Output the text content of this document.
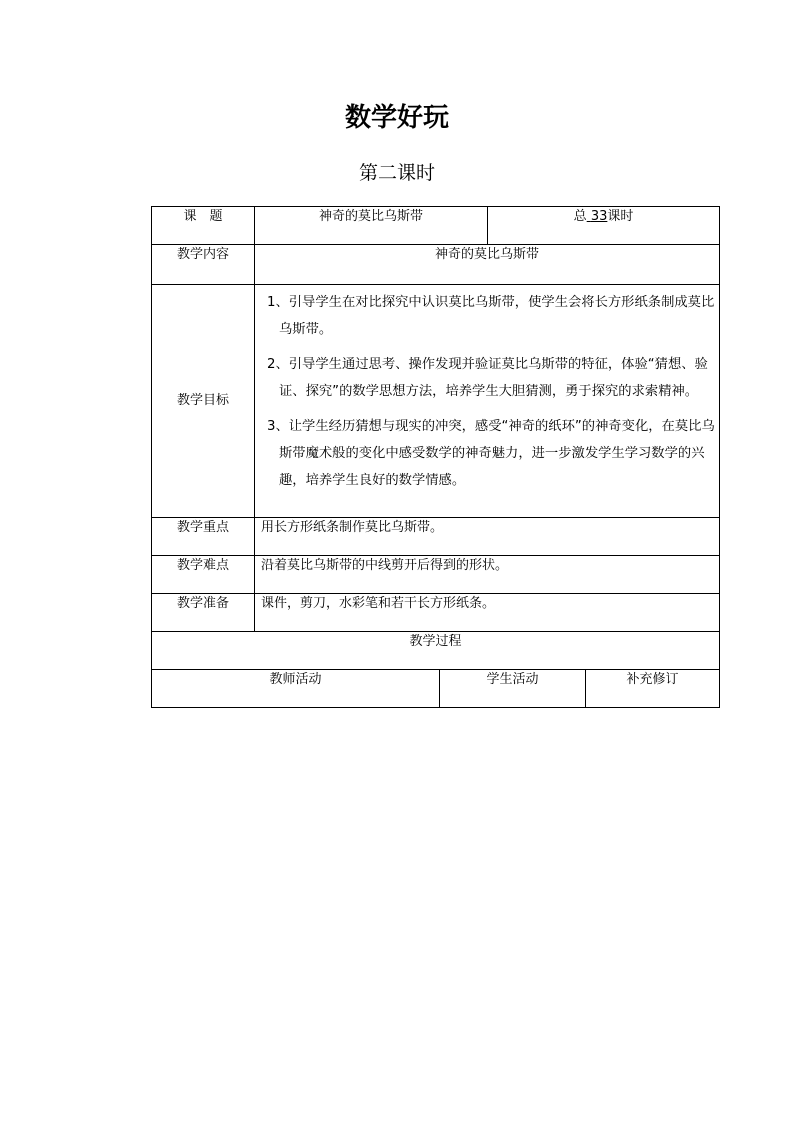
数学好玩
第二课时
课　题	神奇的莫比乌斯带		总 33课时	
教学内容	神奇的莫比乌斯带			
教学目标	1、引导学生在对比探究中认识莫比乌斯带，使学生会将长方形纸条制成莫比乌斯带。

2、引导学生通过思考、操作发现并验证莫比乌斯带的特征，体验“猜想、验证、探究”的数学思想方法，培养学生大胆猜测，勇于探究的求索精神。

3、让学生经历猜想与现实的冲突，感受“神奇的纸环”的神奇变化，在莫比乌斯带魔术般的变化中感受数学的神奇魅力，进一步激发学生学习数学的兴趣，培养学生良好的数学情感。			

教学重点	用长方形纸条制作莫比乌斯带。			
教学难点	沿着莫比乌斯带的中线剪开后得到的形状。			
教学准备	课件，剪刀，水彩笔和若干长方形纸条。			
教学过程				
教师活动		学生活动		补充修订
